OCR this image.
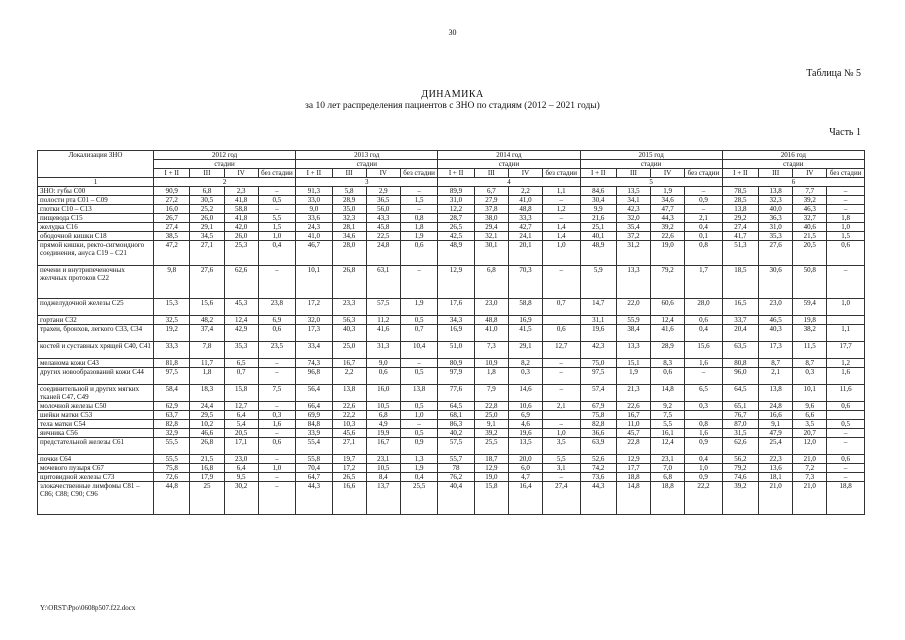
30
Таблица № 5
ДИНАМИКА
за 10 лет распределения пациентов с ЗНО по стадиям (2012 – 2021 годы)
Часть 1
Локализация ЗНО	2012 год				2013 год				2014 год				2015 год				2016 год			
	стадии				стадии				стадии				стадии				стадии			
	I + II	III	IV	без стадии	I + II	III	IV	без стадии	I + II	III	IV	без стадии	I + II	III	IV	без стадии	I + II	III	IV	без стадии
1	2				3				4				5				6			
ЗНО: губы С00	90,9	6,8	2,3	–	91,3	5,8	2,9	–	89,9	6,7	2,2	1,1	84,6	13,5	1,9	–	78,5	13,8	7,7	–
полости рта С01 – С09	27,2	30,5	41,8	0,5	33,0	28,9	36,5	1,5	31,0	27,9	41,0	–	30,4	34,1	34,6	0,9	28,5	32,3	39,2	–
глотки С10 – С13	16,0	25,2	58,8	–	9,0	35,0	56,0	–	12,2	37,8	48,8	1,2	9,9	42,3	47,7	–	13,8	40,0	46,3	–
пищевода С15	26,7	26,0	41,8	5,5	33,6	32,3	43,3	0,8	28,7	38,0	33,3	–	21,6	32,0	44,3	2,1	29,2	36,3	32,7	1,8
желудка С16	27,4	29,1	42,0	1,5	24,3	28,1	45,8	1,8	26,5	29,4	42,7	1,4	25,1	35,4	39,2	0,4	27,4	31,0	40,6	1,0
ободочной кишки С18	38,5	34,5	26,0	1,0	41,0	34,6	22,5	1,9	42,5	32,1	24,1	1,4	40,1	37,2	22,6	0,1	41,7	35,3	21,5	1,5
прямой кишки, ректо-сигмоидного соединения, ануса С19 – С21	47,2	27,1	25,3	0,4	46,7	28,0	24,8	0,6	48,9	30,1	20,1	1,0	48,9	31,2	19,0	0,8	51,3	27,6	20,5	0,6
печени и внутрипеченочных желчных протоков С22	9,8	27,6	62,6	–	10,1	26,8	63,1	–	12,9	6,8	70,3	–	5,9	13,3	79,2	1,7	18,5	30,6	50,8	–
поджелудочной железы С25	15,3	15,6	45,3	23,8	17,2	23,3	57,5	1,9	17,6	23,0	58,8	0,7	14,7	22,0	60,6	28,0	16,5	23,0	59,4	1,0
гортани С32	32,5	48,2	12,4	6,9	32,0	56,3	11,2	0,5	34,3	48,8	16,9		31,1	55,9	12,4	0,6	33,7	46,5	19,8	
трахеи, бронхов, легкого С33, С34	19,2	37,4	42,9	0,6	17,3	40,3	41,6	0,7	16,9	41,0	41,5	0,6	19,6	38,4	41,6	0,4	20,4	40,3	38,2	1,1
костей и суставных хрящей С40, С41	33,3	7,8	35,3	23,5	33,4	25,0	31,3	10,4	51,0	7,3	29,1	12,7	42,3	13,3	28,9	15,6	63,5	17,3	11,5	17,7
меланома кожи С43	81,8	11,7	6,5	–	74,3	16,7	9,0	–	80,9	10,9	8,2	–	75,0	15,1	8,3	1,6	80,8	8,7	8,7	1,2
других новообразований кожи С44	97,5	1,8	0,7	–	96,8	2,2	0,6	0,5	97,9	1,8	0,3	–	97,5	1,9	0,6	–	96,0	2,1	0,3	1,6
соединительной и других мягких тканей С47, С49	58,4	18,3	15,8	7,5	56,4	13,8	16,0	13,8	77,6	7,9	14,6	–	57,4	21,3	14,8	6,5	64,5	13,8	10,1	11,6
молочной железы С50	62,9	24,4	12,7	–	66,4	22,6	10,5	0,5	64,5	22,8	10,6	2,1	67,9	22,6	9,2	0,3	65,1	24,8	9,6	0,6
шейки матки С53	63,7	29,5	6,4	0,3	69,9	22,2	6,8	1,0	68,1	25,0	6,9		75,8	16,7	7,5		76,7	16,6	6,6	
тела матки С54	82,8	10,2	5,4	1,6	84,8	10,3	4,9	–	86,3	9,1	4,6	–	82,8	11,0	5,5	0,8	87,0	9,1	3,5	0,5
яичника С56	32,9	46,6	20,5	–	33,9	45,6	19,9	0,5	40,2	39,2	19,6	1,0	36,6	45,7	16,1	1,6	31,5	47,9	20,7	–
предстательной железы С61	55,5	26,8	17,1	0,6	55,4	27,1	16,7	0,9	57,5	25,5	13,5	3,5	63,9	22,8	12,4	0,9	62,6	25,4	12,0	–
почки С64	55,5	21,5	23,0	–	55,8	19,7	23,1	1,3	55,7	18,7	20,0	5,5	52,6	12,9	23,1	0,4	56,2	22,3	21,0	0,6
мочевого пузыря С67	75,8	16,8	6,4	1,0	70,4	17,2	10,5	1,9	78	12,9	6,0	3,1	74,2	17,7	7,0	1,0	79,2	13,6	7,2	–
щитовидной железы С73	72,6	17,9	9,5	–	64,7	26,5	8,4	0,4	76,2	19,0	4,7	–	73,6	18,8	6,8	0,9	74,6	18,1	7,3	–
злокачественные лимфомы С81 – С86; С88; С90; С96	44,8	25	30,2	–	44,3	16,6	13,7	25,5	40,4	15,8	16,4	27,4	44,3	14,8	18,8	22,2	39,2	21,0	21,0	18,8
Y:\ORST\Ppo\0608p507.f22.docx
